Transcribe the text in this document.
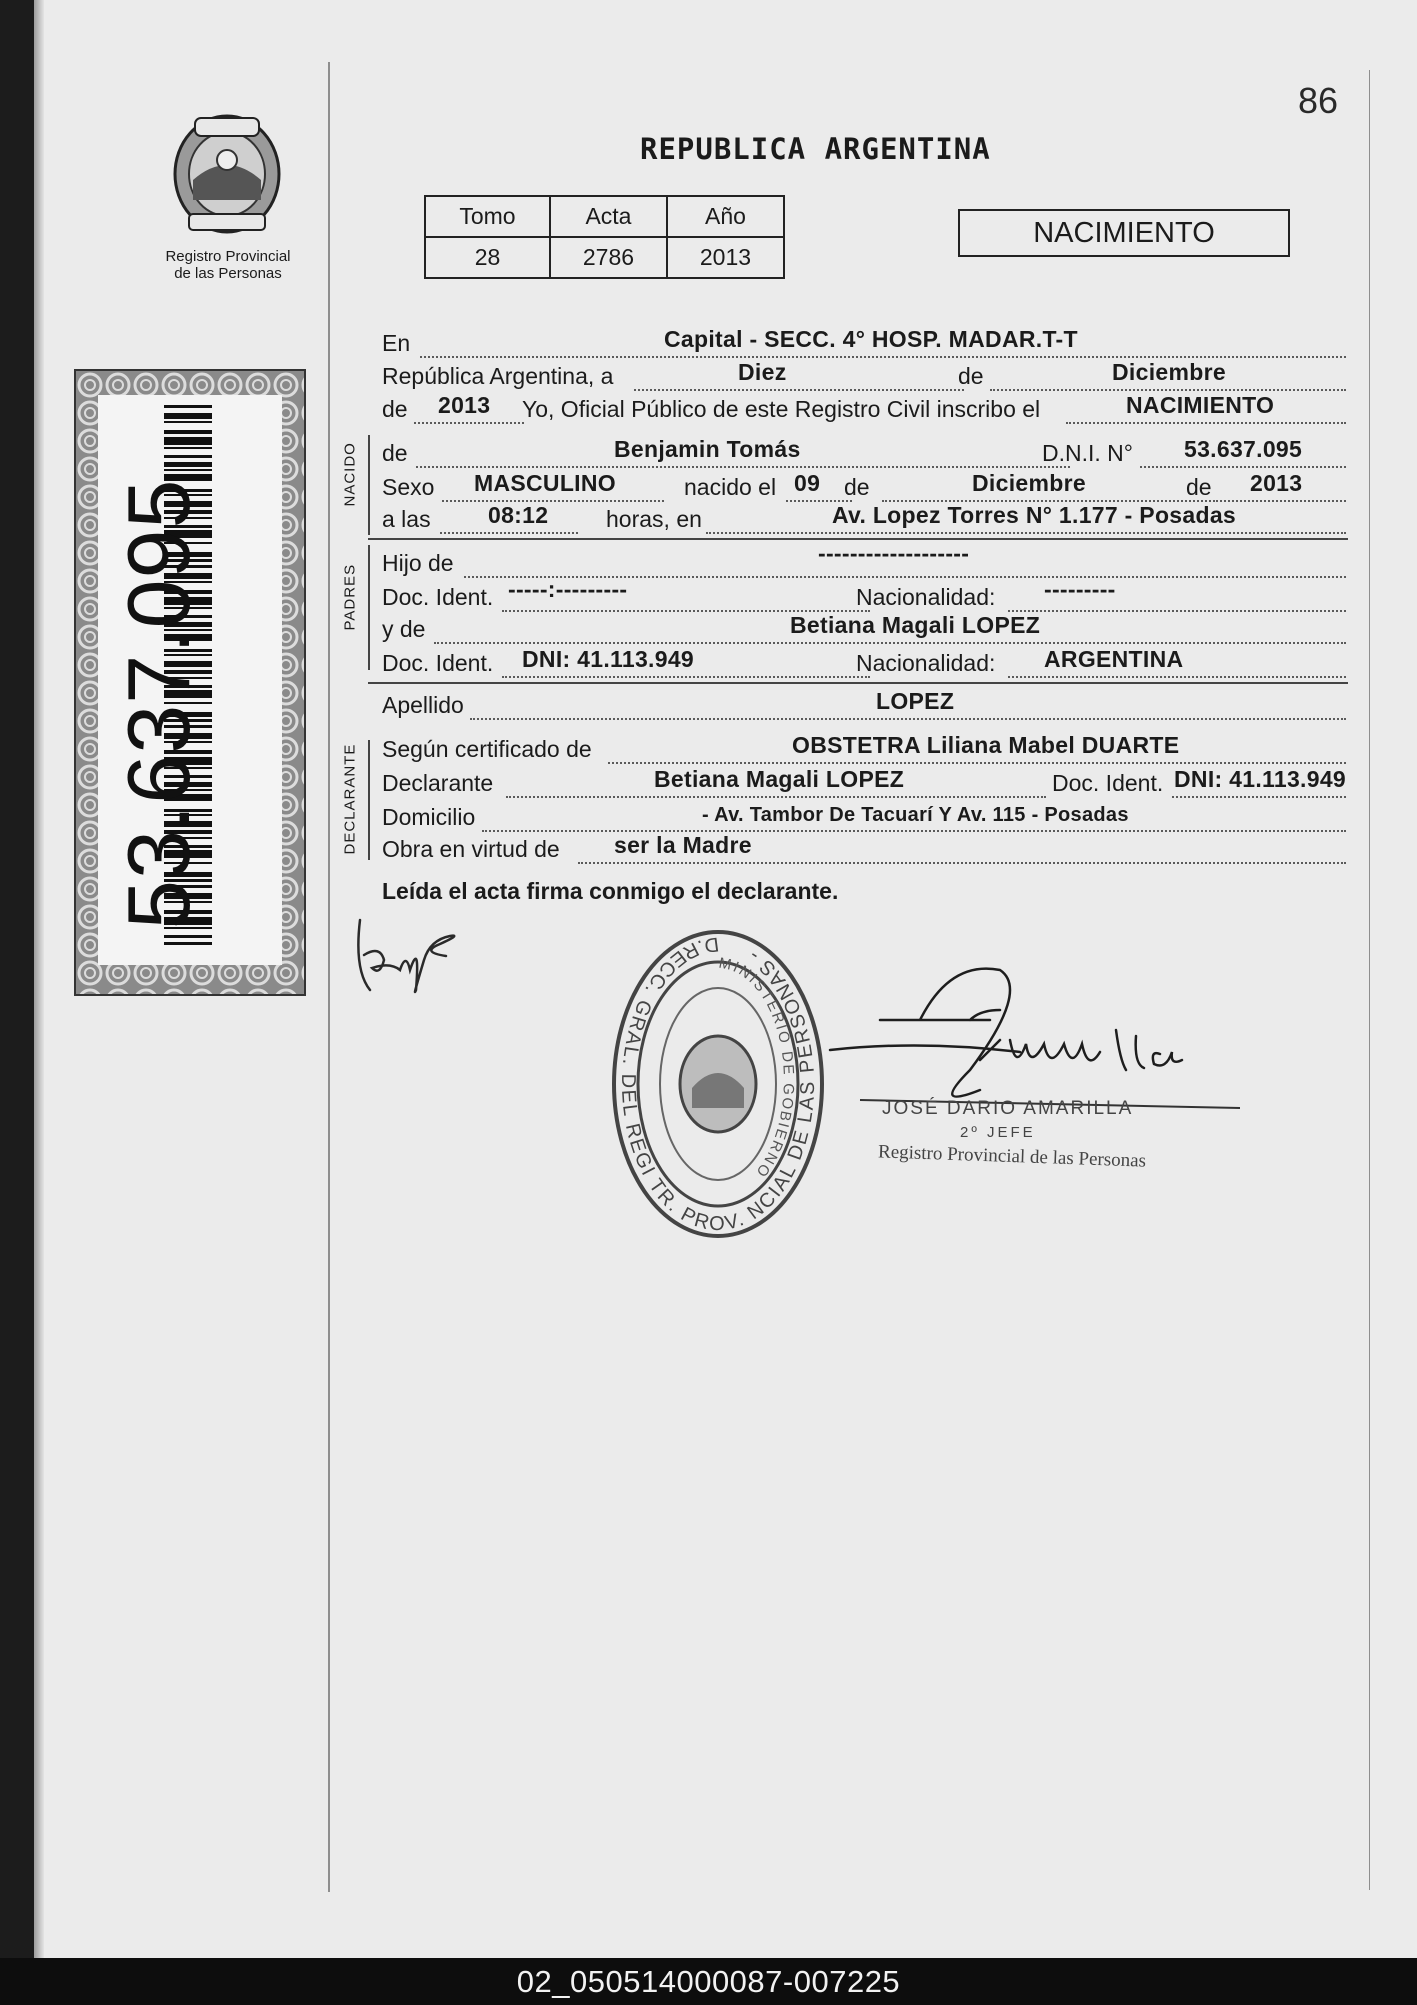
Registro Provincial
de las Personas
53.637.095
86
REPUBLICA ARGENTINA
Tomo	Acta	Año
28	2786	2013
NACIMIENTO
NACIDO
PADRES
DECLARANTE
En	Capital - SECC. 4° HOSP. MADAR.T-T
República Argentina, a	Diez	de	Diciembre
de 2013 Yo, Oficial Público de este Registro Civil inscribo el	NACIMIENTO
de	Benjamin Tomás	D.N.I. N° 53.637.095
Sexo MASCULINO	nacido el 09 de	Diciembre	de 2013
a las 08:12	horas, en	Av. Lopez Torres N° 1.177 - Posadas
Hijo de	-------------------
Doc. Ident. -----:---------	Nacionalidad: ---------
y de	Betiana Magali LOPEZ
Doc. Ident. DNI: 41.113.949	Nacionalidad: ARGENTINA
Apellido	LOPEZ
Según certificado de	OBSTETRA Liliana Mabel DUARTE
Declarante	Betiana Magali LOPEZ	Doc. Ident. DNI: 41.113.949
Domicilio	- Av. Tambor De Tacuarí Y Av. 115 - Posadas
Obra en virtud de ser la Madre
Leída el acta firma conmigo el declarante.
D.RECC. GRAL. DEL REGI TR. PROV. NCIAL DE LAS PERSONAS -
MINISTERIO DE GOBIERNO
JOSÉ DARIO AMARILLA
2º JEFE
Registro Provincial de las Personas
02_050514000087-007225
